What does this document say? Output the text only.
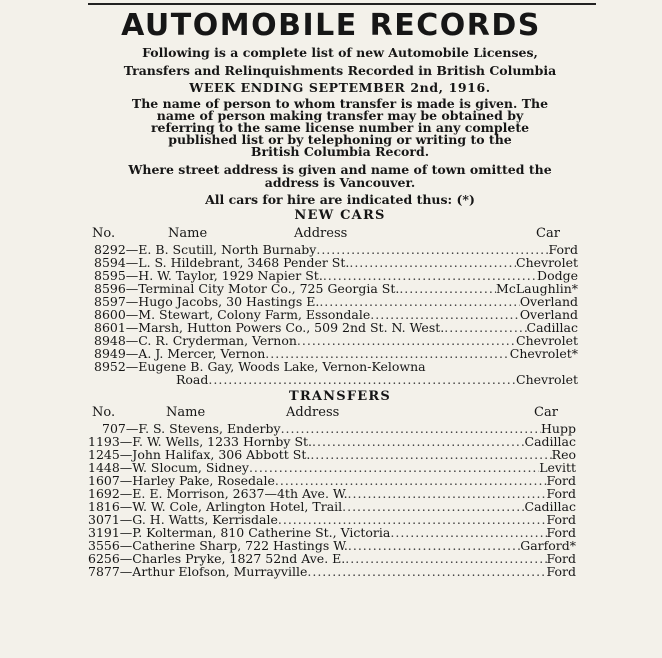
AUTOMOBILE RECORDS
Following is a complete list of new Automobile Licenses,
Transfers and Relinquishments Recorded in British Columbia
WEEK ENDING SEPTEMBER 2nd, 1916.
The name of person to whom transfer is made is given. The
name of person making transfer may be obtained by
referring to the same license number in any complete
published list or by telephoning or writing to the
British Columbia Record.
Where street address is given and name of town omitted the
address is Vancouver.
All cars for hire are indicated thus: (*)
NEW CARS
No.	Name	Address	Car
8292—E. B. Scutill, North Burnaby .....	Ford
8594—L. S. Hildebrant, 3468 Pender St. .....	Chevrolet
8595—H. W. Taylor, 1929 Napier St. .....	Dodge
8596—Terminal City Motor Co., 725 Georgia St. .....	McLaughlin*
8597—Hugo Jacobs, 30 Hastings E. .....	Overland
8600—M. Stewart, Colony Farm, Essondale .....	Overland
8601—Marsh, Hutton Powers Co., 509 2nd St. N. West. .....	Cadillac
8948—C. R. Cryderman, Vernon .....	Chevrolet
8949—A. J. Mercer, Vernon .....	Chevrolet*
8952—Eugene B. Gay, Woods Lake, Vernon-Kelowna
Road .....	Chevrolet
TRANSFERS
No.	Name	Address	Car
707—F. S. Stevens, Enderby .....	Hupp
1193—F. W. Wells, 1233 Hornby St. .....	Cadillac
1245—John Halifax, 306 Abbott St. .....	Reo
1448—W. Slocum, Sidney .....	Levitt
1607—Harley Pake, Rosedale .....	Ford
1692—E. E. Morrison, 2637—4th Ave. W. .....	Ford
1816—W. W. Cole, Arlington Hotel, Trail .....	Cadillac
3071—G. H. Watts, Kerrisdale .....	Ford
3191—P. Kolterman, 810 Catherine St., Victoria .....	Ford
3556—Catherine Sharp, 722 Hastings W. .....	Garford*
6256—Charles Pryke, 1827 52nd Ave. E. .....	Ford
7877—Arthur Elofson, Murrayville .....	Ford
